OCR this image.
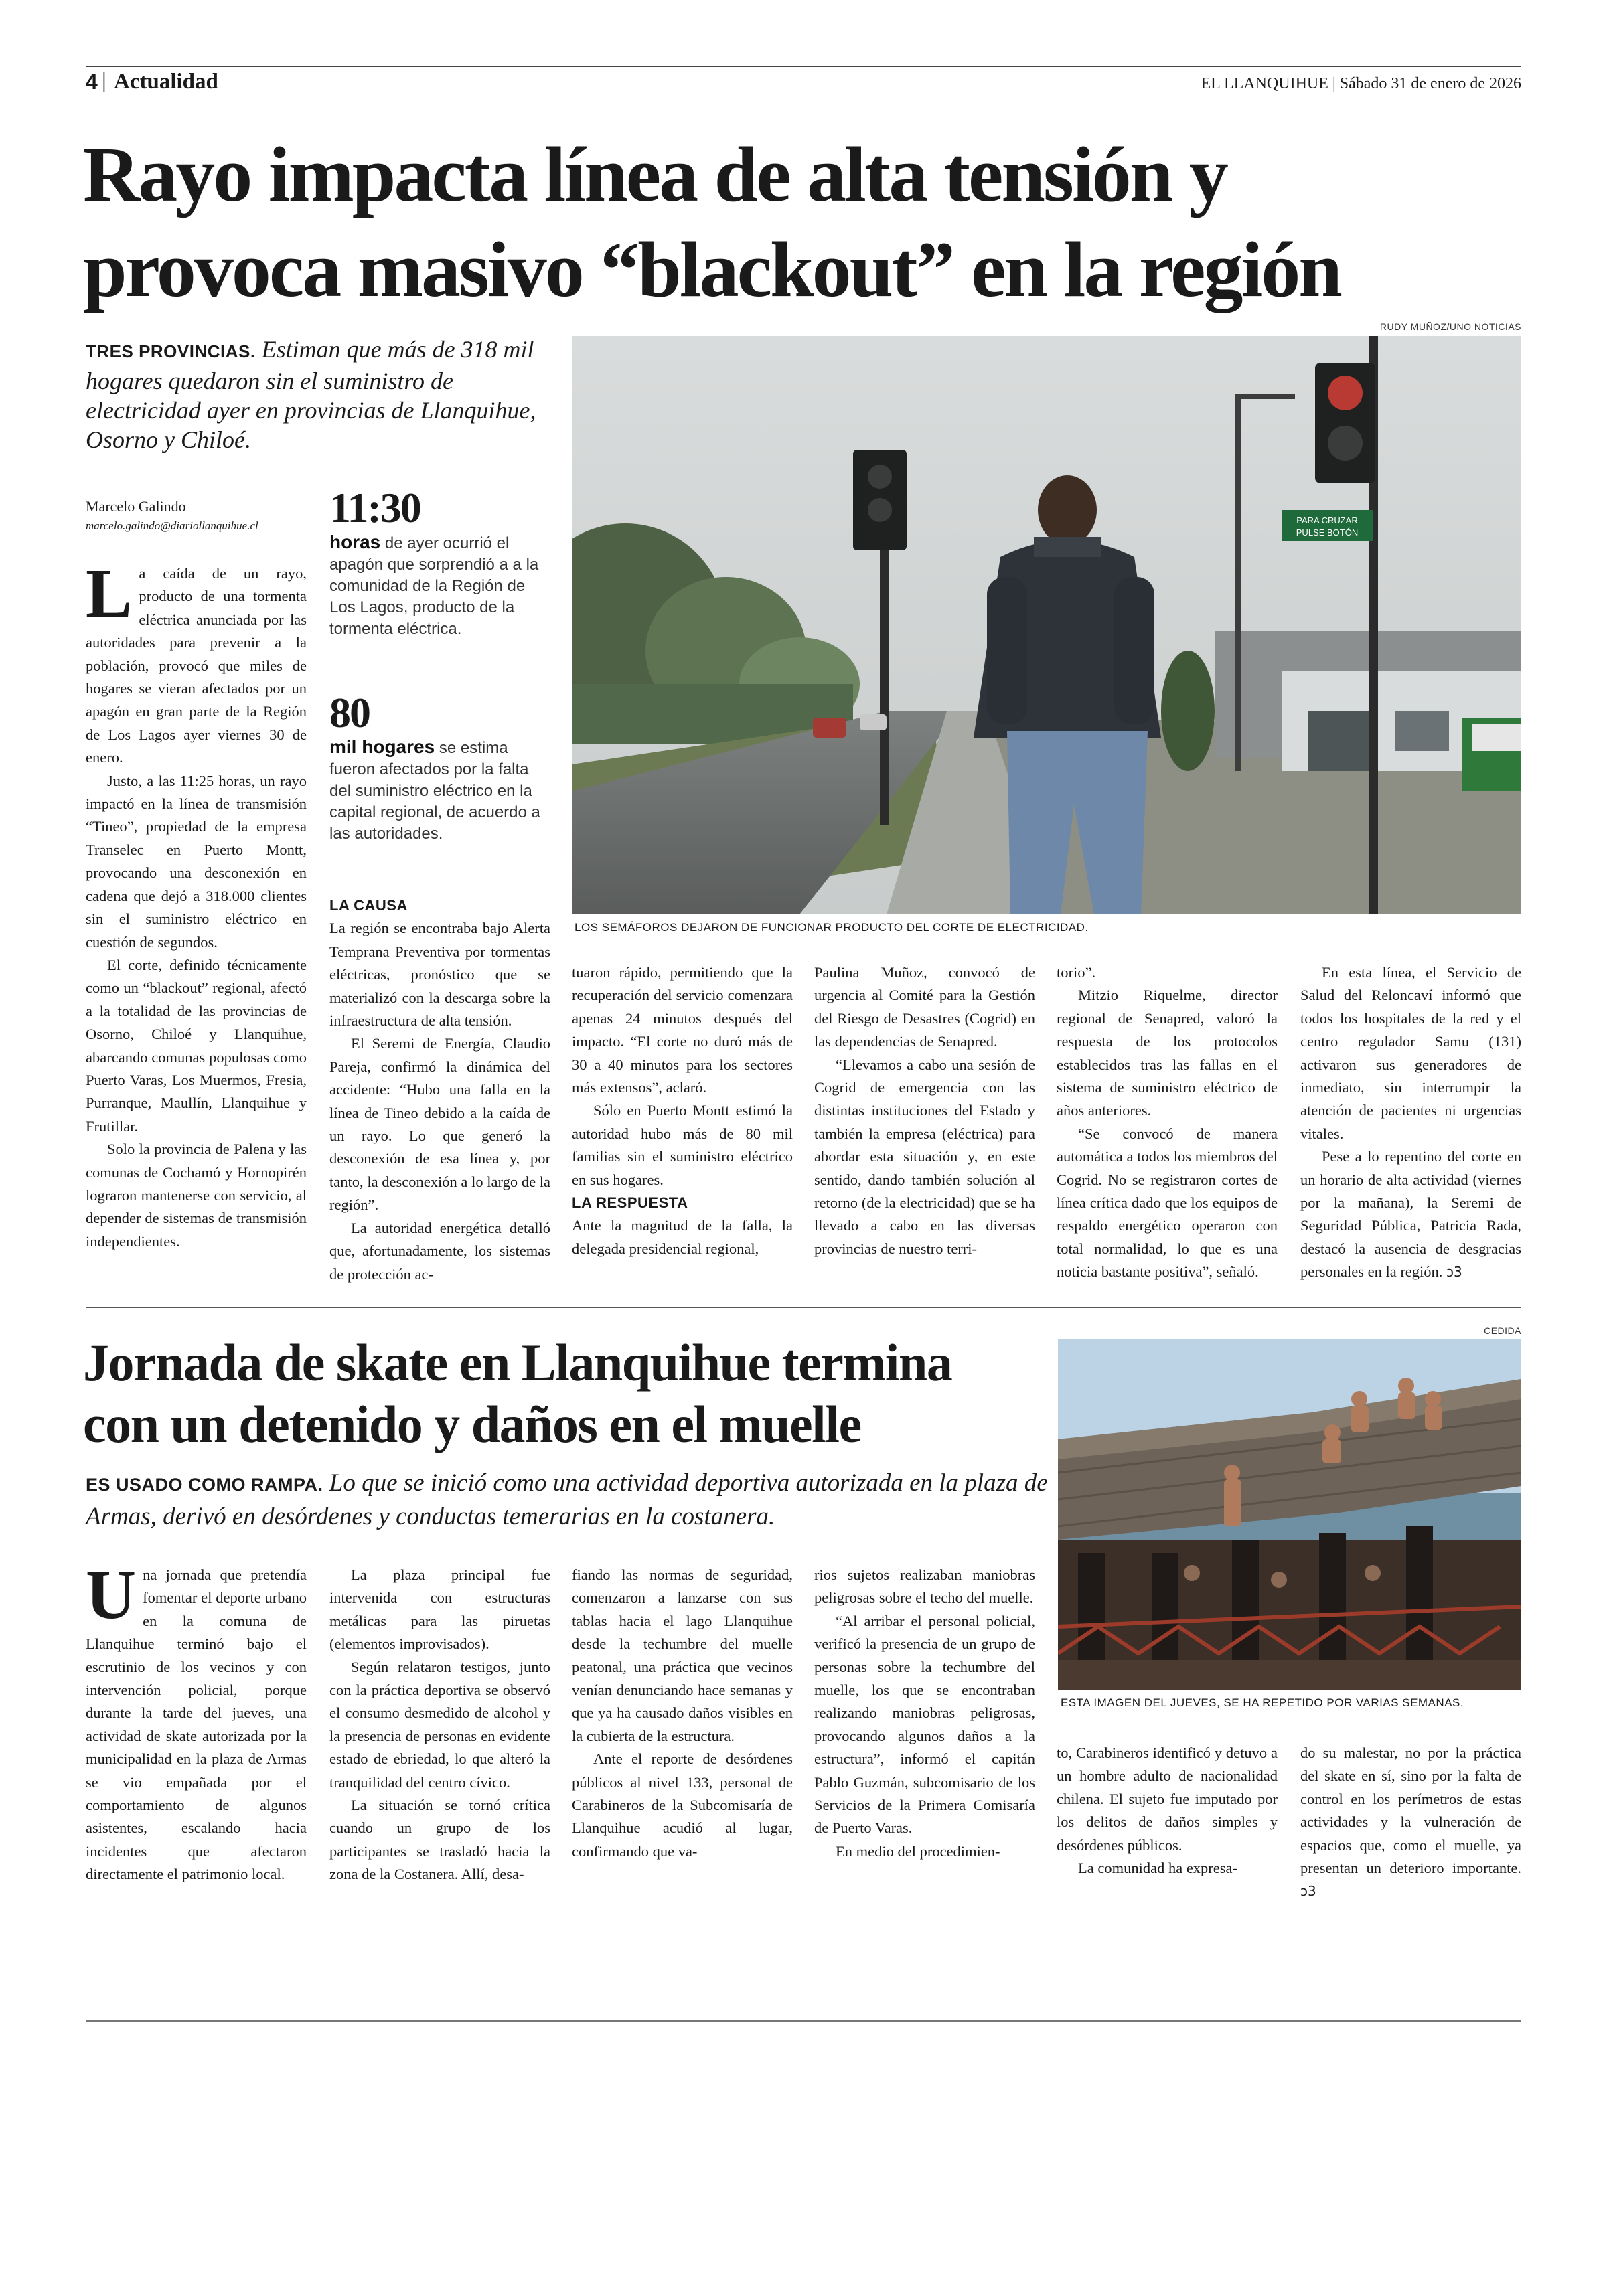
4 | Actualidad	EL LLANQUIHUE | Sábado 31 de enero de 2026
Rayo impacta línea de alta tensión y
provoca masivo “blackout” en la región
TRES PROVINCIAS. Estiman que más de 318 mil hogares quedaron sin el suministro de electricidad ayer en provincias de Llanquihue, Osorno y Chiloé.
Marcelo Galindo
marcelo.galindo@diariollanquihue.cl	11:30
horas de ayer ocurrió el apagón que sorprendió a a la comunidad de la Región de Los Lagos, producto de la tormenta eléctrica.
80
mil hogares se estima fueron afectados por la falta del suministro eléctrico en la capital regional, de acuerdo a las autoridades.
RUDY MUÑOZ/UNO NOTICIAS
PARA CRUZAR
PULSE BOTÓN
LOS SEMÁFOROS DEJARON DE FUNCIONAR PRODUCTO DEL CORTE DE ELECTRICIDAD.

La caída de un rayo, producto de una tormenta eléctrica anunciada por las autoridades para prevenir a la población, provocó que miles de hogares se vieran afectados por un apagón en gran parte de la Región de Los Lagos ayer viernes 30 de enero.

Justo, a las 11:25 horas, un rayo impactó en la línea de transmisión “Tineo”, propiedad de la empresa Transelec en Puerto Montt, provocando una desconexión en cadena que dejó a 318.000 clientes sin el suministro eléctrico en cuestión de segundos.

El corte, definido técnicamente como un “blackout” regional, afectó a la totalidad de las provincias de Osorno, Chiloé y Llanquihue, abarcando comunas populosas como Puerto Varas, Los Muermos, Fresia, Purranque, Maullín, Llanquihue y Frutillar.

Solo la provincia de Palena y las comunas de Cochamó y Hornopirén lograron mantenerse con servicio, al depender de sistemas de transmisión independientes.

LA CAUSA

La región se encontraba bajo Alerta Temprana Preventiva por tormentas eléctricas, pronóstico que se materializó con la descarga sobre la infraestructura de alta tensión.

El Seremi de Energía, Claudio Pareja, confirmó la dinámica del accidente: “Hubo una falla en la línea de Tineo debido a la caída de un rayo. Lo que generó la desconexión de esa línea y, por tanto, la desconexión a lo largo de la región”.

La autoridad energética detalló que, afortunadamente, los sistemas de protección ac-

tuaron rápido, permitiendo que la recuperación del servicio comenzara apenas 24 minutos después del impacto. “El corte no duró más de 30 a 40 minutos para los sectores más extensos”, aclaró.

Sólo en Puerto Montt estimó la autoridad hubo más de 80 mil familias sin el suministro eléctrico en sus hogares.

LA RESPUESTA

Ante la magnitud de la falla, la delegada presidencial regional,

Paulina Muñoz, convocó de urgencia al Comité para la Gestión del Riesgo de Desastres (Cogrid) en las dependencias de Senapred.

“Llevamos a cabo una sesión de Cogrid de emergencia con las distintas instituciones del Estado y también la empresa (eléctrica) para abordar esta situación y, en este sentido, dando también solución al retorno (de la electricidad) que se ha llevado a cabo en las diversas provincias de nuestro terri-

torio”.

Mitzio Riquelme, director regional de Senapred, valoró la respuesta de los protocolos establecidos tras las fallas en el sistema de suministro eléctrico de años anteriores.

“Se convocó de manera automática a todos los miembros del Cogrid. No se registraron cortes de línea crítica dado que los equipos de respaldo energético operaron con total normalidad, lo que es una noticia bastante positiva”, señaló.

En esta línea, el Servicio de Salud del Reloncaví informó que todos los hospitales de la red y el centro regulador Samu (131) activaron sus generadores de inmediato, sin interrumpir la atención de pacientes ni urgencias vitales.

Pese a lo repentino del corte en un horario de alta actividad (viernes por la mañana), la Seremi de Seguridad Pública, Patricia Rada, destacó la ausencia de desgracias personales en la región. ↄ3

Jornada de skate en Llanquihue termina
con un detenido y daños en el muelle
ES USADO COMO RAMPA. Lo que se inició como una actividad deportiva autorizada en la plaza de Armas, derivó en desórdenes y conductas temerarias en la costanera.
CEDIDA
ESTA IMAGEN DEL JUEVES, SE HA REPETIDO POR VARIAS SEMANAS.

Una jornada que pretendía fomentar el deporte urbano en la comuna de Llanquihue terminó bajo el escrutinio de los vecinos y con intervención policial, porque durante la tarde del jueves, una actividad de skate autorizada por la municipalidad en la plaza de Armas se vio empañada por el comportamiento de algunos asistentes, escalando hacia incidentes que afectaron directamente el patrimonio local.

La plaza principal fue intervenida con estructuras metálicas para las piruetas (elementos improvisados).

Según relataron testigos, junto con la práctica deportiva se observó el consumo desmedido de alcohol y la presencia de personas en evidente estado de ebriedad, lo que alteró la tranquilidad del centro cívico.

La situación se tornó crítica cuando un grupo de los participantes se trasladó hacia la zona de la Costanera. Allí, desa-

fiando las normas de seguridad, comenzaron a lanzarse con sus tablas hacia el lago Llanquihue desde la techumbre del muelle peatonal, una práctica que vecinos venían denunciando hace semanas y que ya ha causado daños visibles en la cubierta de la estructura.

Ante el reporte de desórdenes públicos al nivel 133, personal de Carabineros de la Subcomisaría de Llanquihue acudió al lugar, confirmando que va-

rios sujetos realizaban maniobras peligrosas sobre el techo del muelle.

“Al arribar el personal policial, verificó la presencia de un grupo de personas sobre la techumbre del muelle, los que se encontraban realizando maniobras peligrosas, provocando algunos daños a la estructura”, informó el capitán Pablo Guzmán, subcomisario de los Servicios de la Primera Comisaría de Puerto Varas.

En medio del procedimien-

to, Carabineros identificó y detuvo a un hombre adulto de nacionalidad chilena. El sujeto fue imputado por los delitos de daños simples y desórdenes públicos.

La comunidad ha expresa-

do su malestar, no por la práctica del skate en sí, sino por la falta de control en los perímetros de estas actividades y la vulneración de espacios que, como el muelle, ya presentan un deterioro importante. ↄ3
